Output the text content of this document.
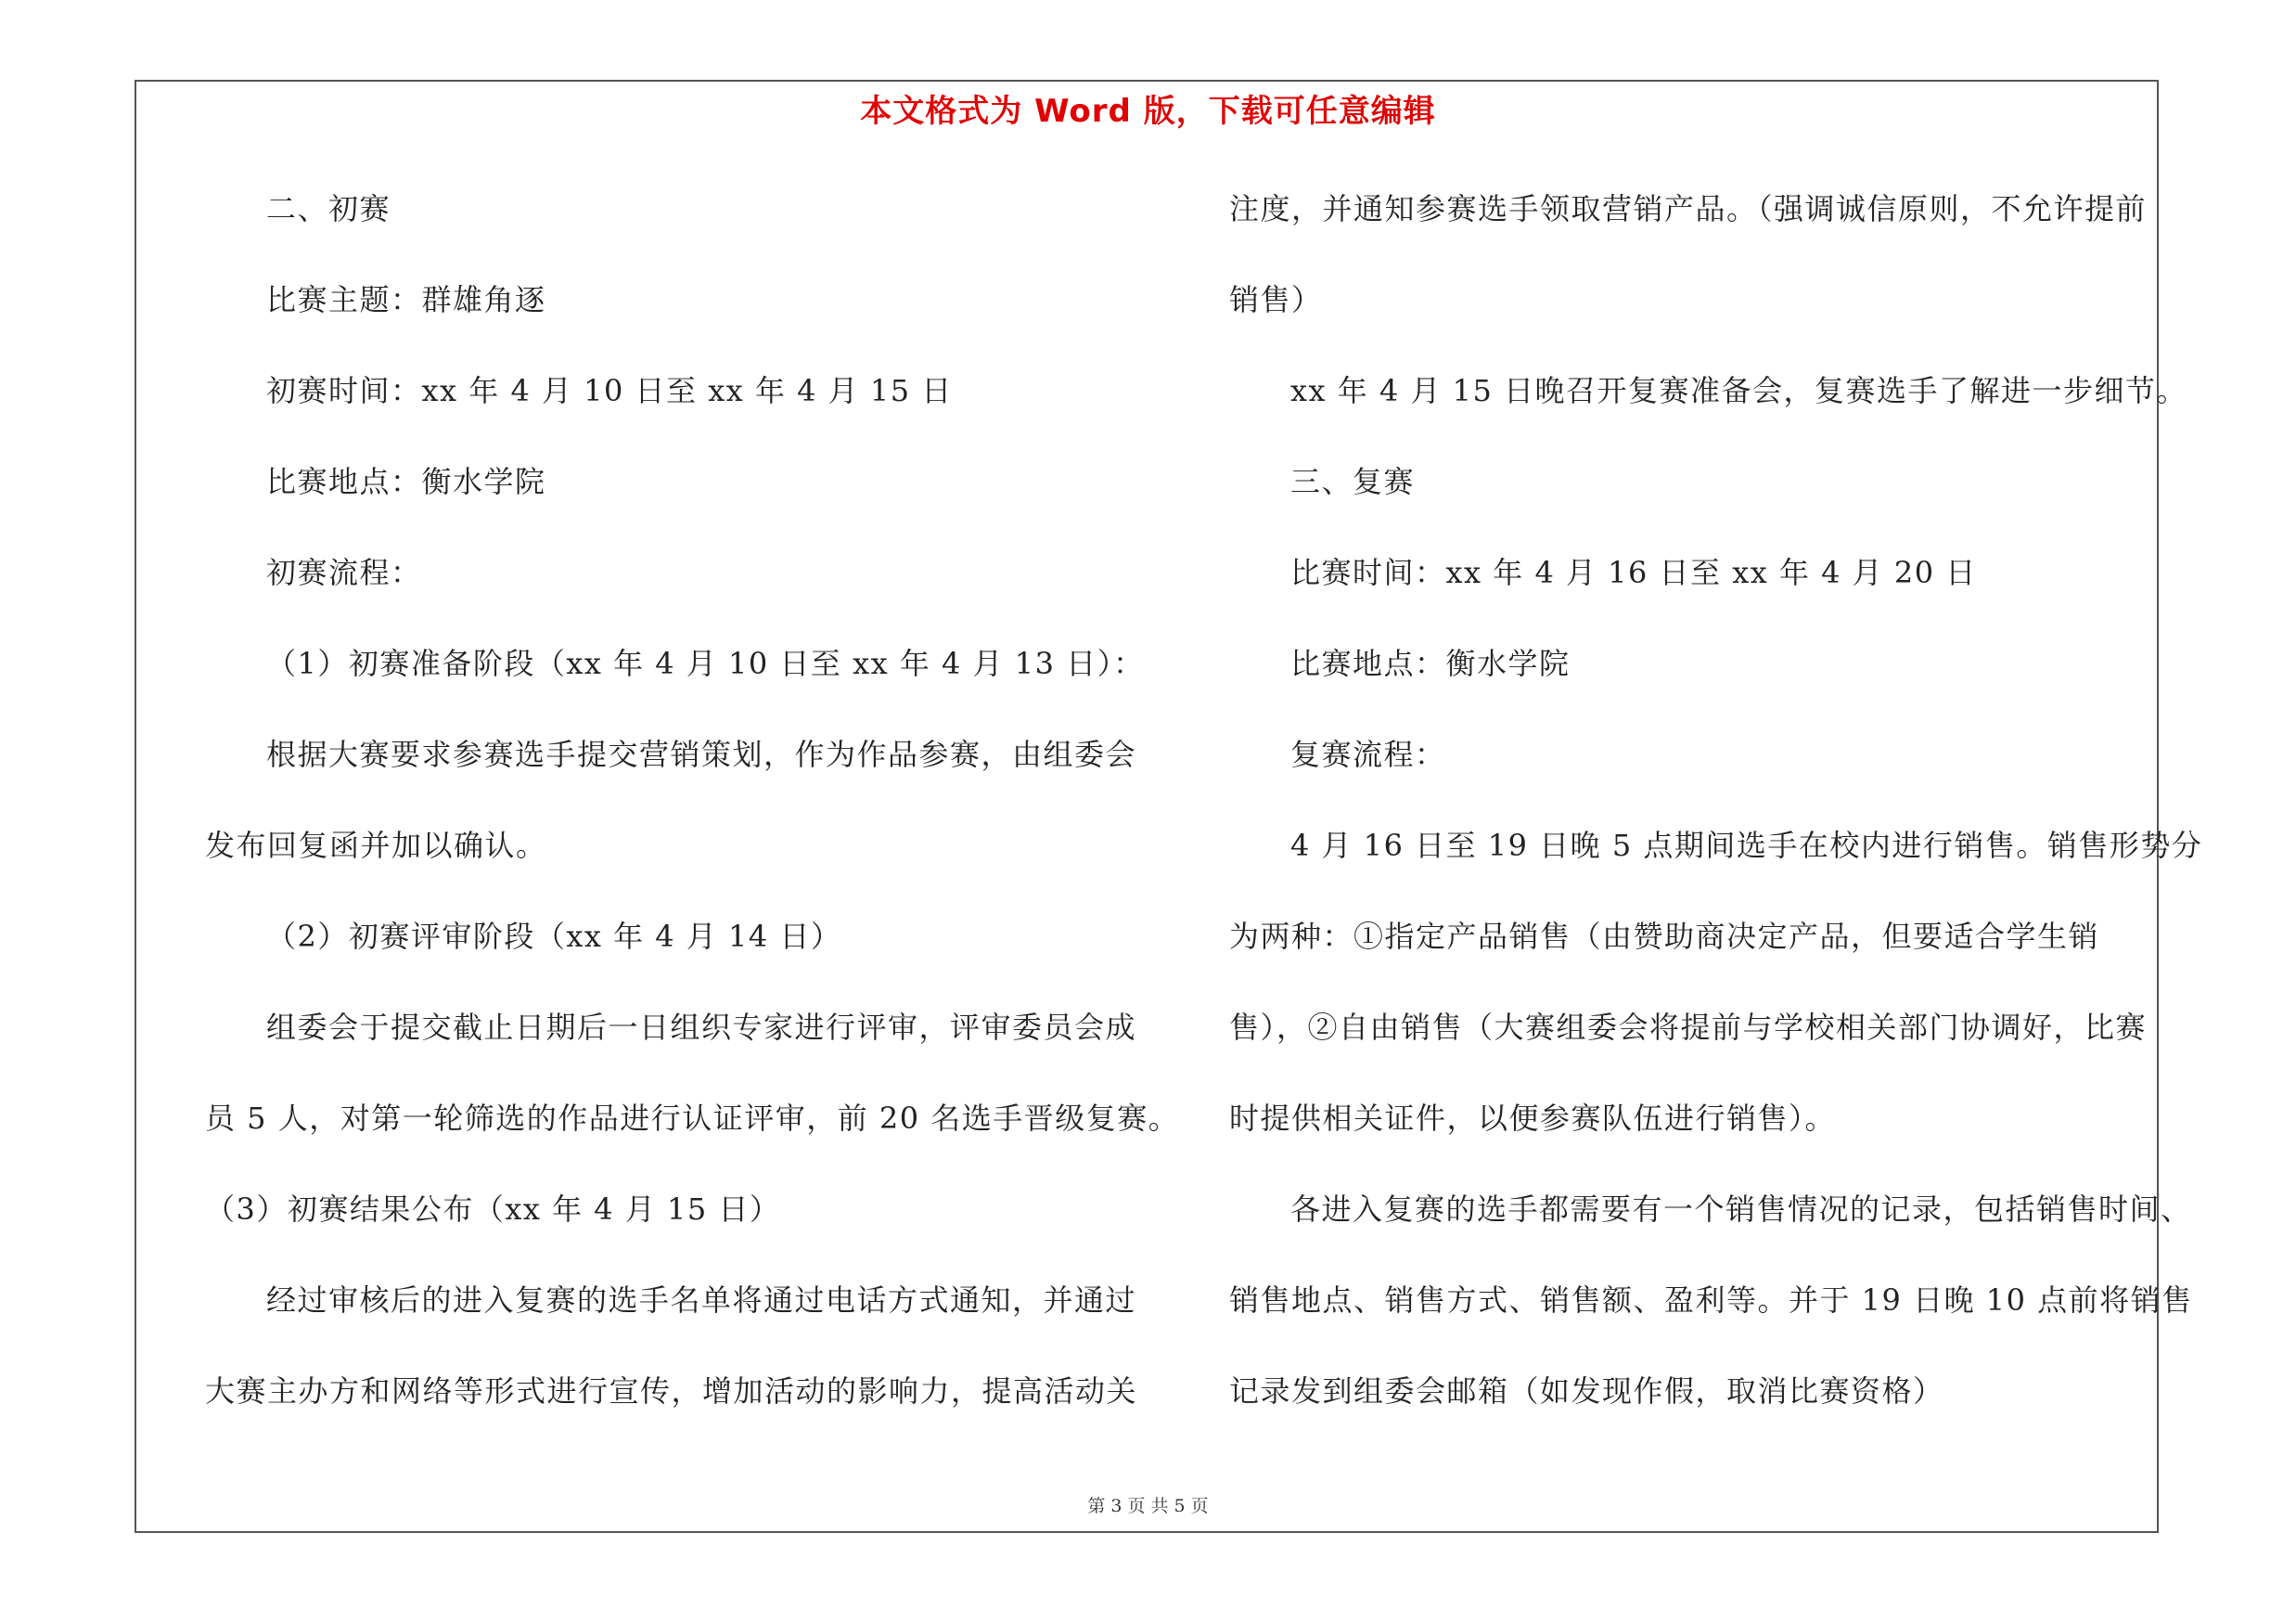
本文格式为 Word 版，下载可任意编辑
二、初赛
比赛主题：群雄角逐
初赛时间：xx 年 4 月 10 日至 xx 年 4 月 15 日
比赛地点：衡水学院
初赛流程：
（1）初赛准备阶段（xx 年 4 月 10 日至 xx 年 4 月 13 日）：
根据大赛要求参赛选手提交营销策划，作为作品参赛，由组委会
发布回复函并加以确认。
（2）初赛评审阶段（xx 年 4 月 14 日）
组委会于提交截止日期后一日组织专家进行评审，评审委员会成
员 5 人，对第一轮筛选的作品进行认证评审，前 20 名选手晋级复赛。
（3）初赛结果公布（xx 年 4 月 15 日）
经过审核后的进入复赛的选手名单将通过电话方式通知，并通过
大赛主办方和网络等形式进行宣传，增加活动的影响力，提高活动关
注度，并通知参赛选手领取营销产品。（强调诚信原则，不允许提前
销售）
xx 年 4 月 15 日晚召开复赛准备会，复赛选手了解进一步细节。
三、复赛
比赛时间：xx 年 4 月 16 日至 xx 年 4 月 20 日
比赛地点：衡水学院
复赛流程：
4 月 16 日至 19 日晚 5 点期间选手在校内进行销售。销售形势分
为两种：①指定产品销售（由赞助商决定产品，但要适合学生销
售），②自由销售（大赛组委会将提前与学校相关部门协调好，比赛
时提供相关证件，以便参赛队伍进行销售）。
各进入复赛的选手都需要有一个销售情况的记录，包括销售时间、
销售地点、销售方式、销售额、盈利等。并于 19 日晚 10 点前将销售
记录发到组委会邮箱（如发现作假，取消比赛资格）
第 3 页 共 5 页
